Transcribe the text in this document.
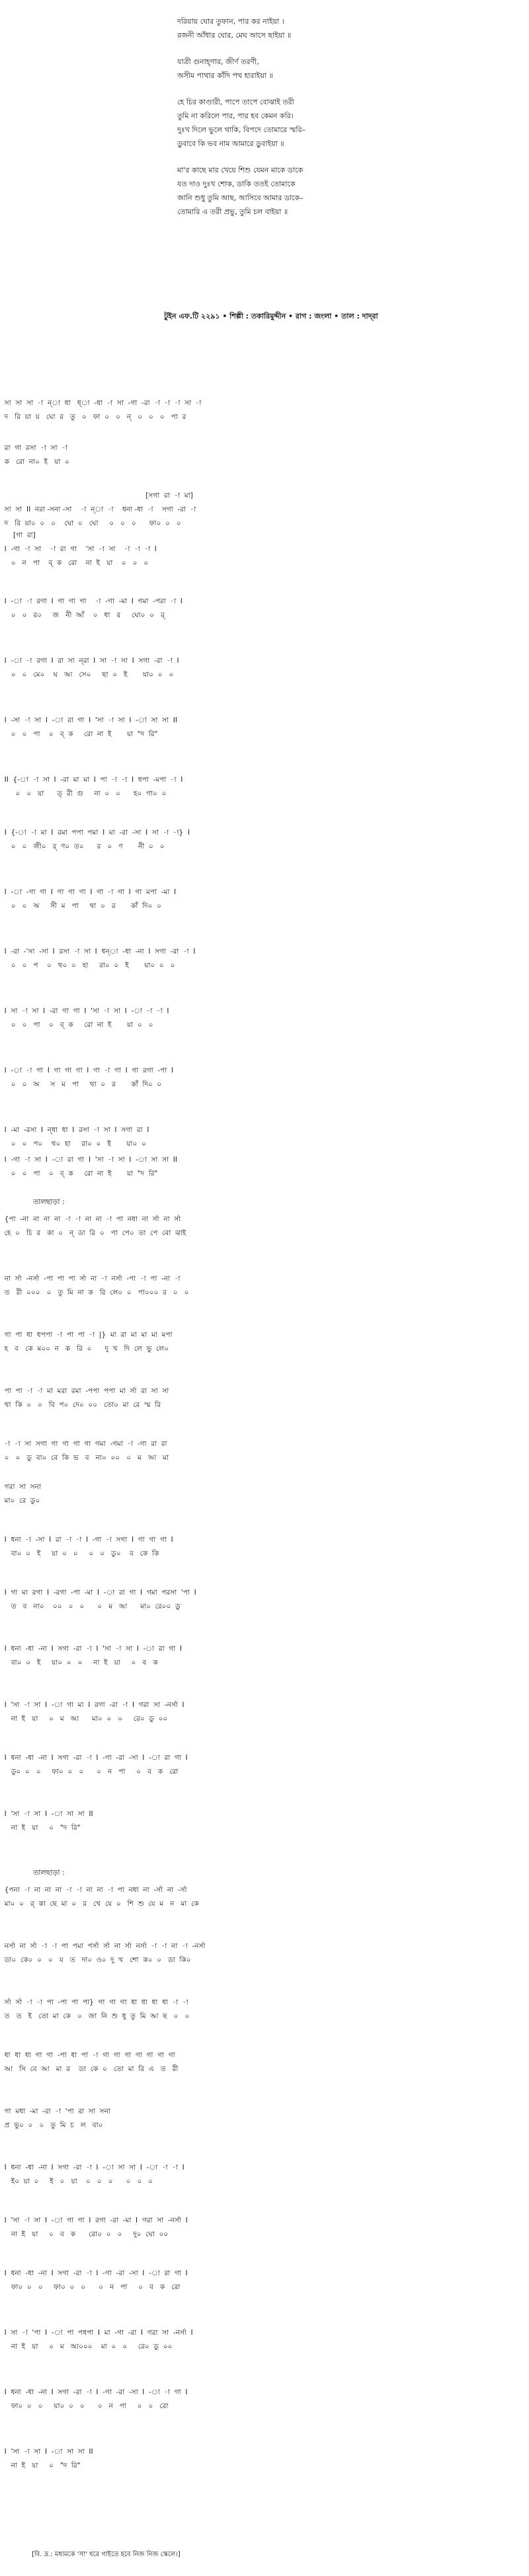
দরিয়ায় ঘোর তুফান, পার কর নাইয়া ।
রজনী আঁধার ঘোর, মেঘ আসে ছাইয়া ॥
যাত্রী গুনাহ্গার, জীর্ণ তরণী,
অসীম পাথার কাঁদি পথ হারাইয়া ॥
হে চির কাণ্ডারী, পাপে তাপে বোঝাই তরী
তুমি না করিলে পার, পার হব কেমন করি।
দুঃখ দিলে ভুলে থাকি, বিপদে তোমারে স্মরি–
ডুবাবে কি ভব নাম আমারে ডুবাইয়া ॥
মা'র কাছে মার খেয়ে শিশু যেমন মাকে ডাকে
যত দাও দুঃখ শোক, ডাকি ততই তোমাকে
জানি শুধু তুমি আছ, আসিবে আমার ডাকে–
তোমারি এ তরী প্রভু, তুমি চল বাইয়া ॥
টুইন এফ.টি ২২৯১ • শিল্পী : তকারিমুদ্দীন • রাগ : জংলা • তাল : দাদ্‌রা
সা  সা  সা  -া  ন্‌া  ধা   ধ্‌া  -ধা  -া  সা  -গা  -রা  -া  -া  -া  সা  -া
দ   রি  য়া  য়   ঘো  র   তু   ০   ফা  ০   ০   ন্‌   ০   ০   ০   পা  র
রা  গা  রসা  -া  সা  -া
ক   রো  না০  ই   য়া  ০
[সগা  রা  -া  মা]
সা  সা  II  নরা -সনা -সা    -া  ন্‌া  -া    ধনা -ধা  -া    সগা  -রা  -া
দ   রি  য়া০  ০   ০    ঘো  ০   ঘো     ০   ০   ০      ফা০  ০   ০
[গা  রা]
I  -গা  -া  সা    -া  রা  গা    'সা  -া  সা    -া  -া  -া  I
০   ন   পা    ব্‌  ক   রো    না  ই   য়া    ০   ০   ০
I  -া  -া  রগা  I  গা  গা  গা    -া  -গা  -মা  I  গমা  -পরা  -া  I
০   ০   র০     জ   নী  আঁ    ০   ধা   র     ঘো০  ০   র্‌
I  -া  -া  রগা  I  রা  সা  ন্‌রা  I  সা  -া  সা  I  সগা  -রা  -া  I
০   ০   মে০    ঘ   আ   সে০     ছা  ০   ই       য়া০  ০   ০
I  -সা  -া  সা  I  -া  রা  গা  I  'সা  -া  সা  I  -া  সা  সা  II
০   ০   পা    ০   ব্‌  ক     রো  না  ই       য়া  "দ  রি"
II  {-া  -া  সা  I  -রা  মা  মা  I  পা  -া  -া  I  ধপা  -মপা  -া  I
০   ০   য়া      ত্‌  রী  গু     না  ০   ০      হ০  গা০  ০
I  {-া  -া  মা  I  রমা  পপা  পমা  I  মা  -রা  -সা  I  সা  -া  -া}  I
০   ০   জী০   র্‌  ণ০  ত০      র   ০   ণ       নী  ০   ০
I  -া  -গা  গা  I  গা  গা  গা  I  গা  -া  গা  I  গা  মপা  -মা  I
০   ০   অ     সী  ম   পা     থা  ০   র       কাঁ  দি০  ০
I  -রা  -'সা  -সা  I  রসা  -া  সা  I  ধন্‌া  -ধা  -না  I  সগা  -রা  -া  I
০   ০   প    ০   থ০  ০   হা     রা০  ০   ই       য়া০  ০   ০
I  সা  -া  সা  I  -রা  গা  গা  I  'সা  -া  সা  I  -া  -া  -া  I
০   ০   পা    ০   ব্‌  ক     রো  না  ই       য়া  ০   ০
I  -া  -া  গা  I  গা  গা  গা  I  গা  -া  গা  I  গা  রগা  -পা  I
০   ০   অ     স   ম   পা     থা  ০   র       কাঁ  দি০  ০
I  -মা  -রসা  I  ন্‌ধা  ধা  I  রসা  -া  সা  I  সগা  রা  I
০   ০   প০    থ০  হা     রা০  ০   ই       য়া০  ০
I  -গা  -া  সা  I  -া  রা  গা  I  'সা  -া  সা  I  -া  সা  সা  II
০   ০   পা    ০   ব্‌  ক     রো  না  ই       য়া  "দ  রি"
{পা  -না  না  না  না  -া  -া  না  না  -া  পা  নধা  না  র্সা  না  র্সা
হে  ০   চি  র   কা  ০   ন্‌  ডা  রি  ০   পা  পে০  তা  পে  বো  ঝাই
না  র্সা  -নর্সা  -পা  পা  পা  র্সা  না  -া  নর্সা  -পা  -া  পা  -না  -া
ত   রী  ০০০   ০   তু  মি  না  ক   রি  লে০  ০   পা০০০  র   ০   ০
গা  পা  ধা  ধপপা  -া  পা  পা  -া  |}  মা  রা  মা  মা  মা  মপা
হ   ব   কে  ম০০  ন   ক   রি  ০      দু  খ   দি  লে  ভু  লে০
পা  পা  -া  -া  মা  মরা  রমা  -পপা  পপা  মা  র্সা  রা  সা  সা
থা  কি  ০   ০   বি  প০  দে০  ০০   তো০  মা  রে  স্ম  রি
-া  -া  সা  সগা  গা  গা  গা  গা  গমা  -গমা  -া  -গা  রা  রা
০   ০   ডু  বা০  বে  কি  ভ   ব   না০  ০০   ০   ম   আ   মা
গরা  সা  সনা
মা০  রে  ডু০
I  ধনা  -া  -সা  I  রা  -া  -া  I  -গা  -া  সগা  I  গা  গা  গা  I
বা০  ০   ই     য়া  ০   ০     ০   ০   ডু০    ব   কে  কি
I  গা  মা  রগা  I  -রগা  -পা  -মা  I  -া  রা  গা  I  গমা  পরসা  'পা  I
ত   ব   না০    ০০   ০   ০      ০   ম   আ      মা০  রে০০  ডু
I  ধনা  -ধা  -না  I  সগা  -রা  -া  I  'সা  -া  সা  I  -া  রা  গা  I
বা০  ০   ই     য়া০  ০   ০     না  ই   য়া     ০   ব   ক
I  'সা  -া  সা  I  -া  গা  মা  I  রগা  -রা  -া  I  গরা  সা  -নর্সা  I
না  ই   য়া     ০   ম   আ      মা০  ০   ০     রে০  ডু  ০০
I  ধনা  -ধা  -না  I  সগা  -রা  -া  I  -গা  -রা  -সা  I  -া  রা  গা  I
ডু০  ০   ০     ফা০  ০   ০      ০   ন   পা     ০   ব   ক   রো
I  'সা  -া  সা  I  -া  সা  সা  II
না  ই   য়া     ০   "দ  রি"
{পনা  -া  না  না  না  -া  -া  না  না  -া  পা  নধা  না  -র্সা  না  -র্সা
মা০  ০   র্‌  কা  ছে  মা  ০   র   খে  য়ে  ০   শি  শু  যে  ম   ন   মা  কে
নর্সা  না  র্সা  -া  -া  পা  পমা  পর্সা  র্সা  না  র্সা  নর্সা  -া  -া  না  -া  -নর্সা
ডা০  কে০  ০   ০   য   ত   দা০  ও০  দু  খ   শো  ক০  ০   ডা  কি০
র্সা  র্সা  -া  -া  পা  -পা  পা  পা}  গা  গা  গা  ধা  ধা  ধা  ধা  -া  -া
ত   ত   ই   তো  মা  কে   ০   জা  নি  শু  ধু  তু  মি  আ  ছ   ০   ০
ধা  ধা  ধা  গা  গা  -পা  ধা  পা  -া  গা  গা  গা  গা  গা  গা  গা
আ   সি  বে  আ   মা  র    ডা  কে  ০   তো  মা  রি  এ   ত   রী
গা  মধা  -মা  -রা  -া  'পা  রা  সা  সনা
প্র  ভু০  ০   ০   তু  মি  চ   ল   বা০
I  ধনা  -ধা  -না  I  সগা  -রা  -া  I  -া  সা  সা  I  -া  -া  -া  I
ই০  য়া  ০     ই   ০   য়া    ০   ০   ০      ০   ০   ০
I  'সা  -া  সা  I  -া  গা  গা  I  রগা  -রা  -মা  I  গরা  সা  -নর্সা  I
না  ই   য়া     ০   ব   ক      রো০  ০   ০     দু০  ঘো  ০০
I  ধনা  -ধা  -না  I  সগা  -রা  -া  I  -গা  -রা  -সা  I  -া  রা  গা  I
ফা০  ০   ০     ফা০  ০   ০      ০   ন   পা     ০   ব   ক   রো
I  সা  -া  'পা  I  -া  পা  পধপা  I  মা  -গা  -রা  I  গরা  সা  -নর্সা  I
না  ই   য়া     ০   ম   আ০০০    মা  ০   ০     রে০  ডু  ০০
I  ধনা  -ধা  -না  I  সগা  -রা  -া  I  -গা  -রা  -সা  I  -া  -া  গা  I
ফা০  ০   ০     য়া০  ০   ০      ০   ন   পা     ০   ০   রো
I  'সা  -া  সা  I  -া  সা  সা  II
না  ই   য়া     ০   "দ  রি"
তালছাড়া :
তালছাড়া :
[বি. দ্র.: মধ্যমকে 'সা' ধরে গাইতে হবে নিজ নিজ স্কেলে।]
